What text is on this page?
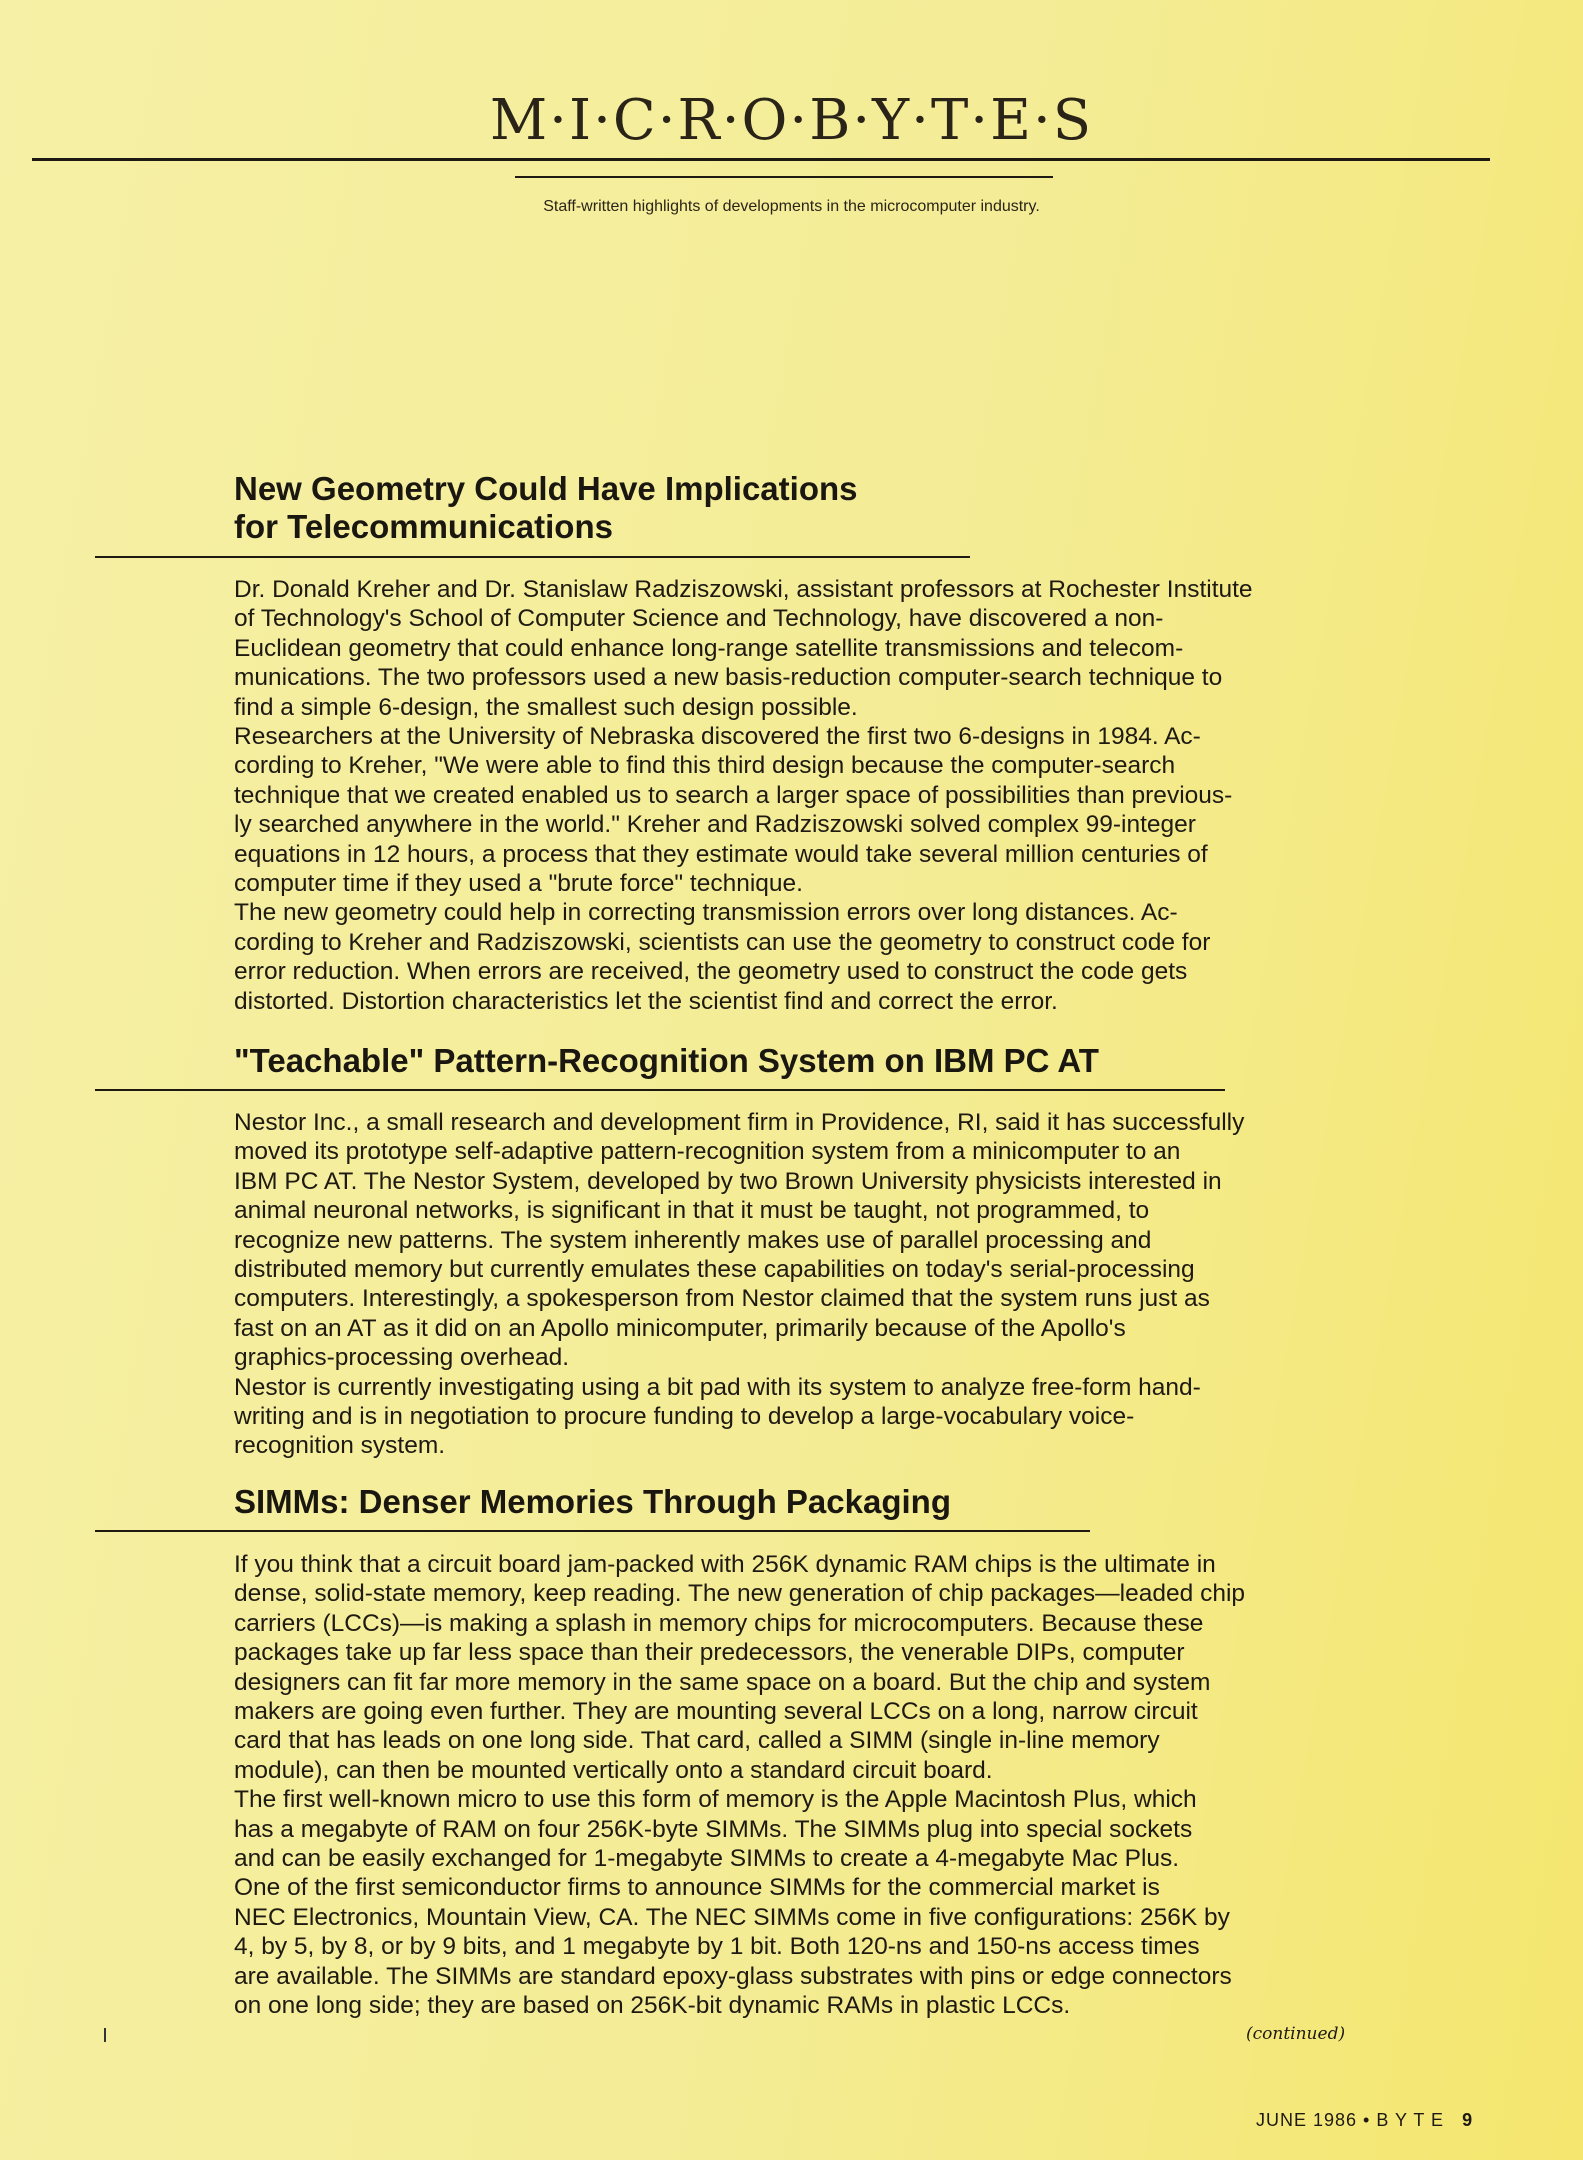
M·I·C·R·O·B·Y·T·E·S
Staff-written highlights of developments in the microcomputer industry.
New Geometry Could Have Implications
for Telecommunications
Dr. Donald Kreher and Dr. Stanislaw Radziszowski, assistant professors at Rochester Institute
of Technology's School of Computer Science and Technology, have discovered a non-
Euclidean geometry that could enhance long-range satellite transmissions and telecom-
munications. The two professors used a new basis-reduction computer-search technique to
find a simple 6-design, the smallest such design possible.
Researchers at the University of Nebraska discovered the first two 6-designs in 1984. Ac-
cording to Kreher, "We were able to find this third design because the computer-search
technique that we created enabled us to search a larger space of possibilities than previous-
ly searched anywhere in the world." Kreher and Radziszowski solved complex 99-integer
equations in 12 hours, a process that they estimate would take several million centuries of
computer time if they used a "brute force" technique.
The new geometry could help in correcting transmission errors over long distances. Ac-
cording to Kreher and Radziszowski, scientists can use the geometry to construct code for
error reduction. When errors are received, the geometry used to construct the code gets
distorted. Distortion characteristics let the scientist find and correct the error.
"Teachable" Pattern-Recognition System on IBM PC AT
Nestor Inc., a small research and development firm in Providence, RI, said it has successfully
moved its prototype self-adaptive pattern-recognition system from a minicomputer to an
IBM PC AT. The Nestor System, developed by two Brown University physicists interested in
animal neuronal networks, is significant in that it must be taught, not programmed, to
recognize new patterns. The system inherently makes use of parallel processing and
distributed memory but currently emulates these capabilities on today's serial-processing
computers. Interestingly, a spokesperson from Nestor claimed that the system runs just as
fast on an AT as it did on an Apollo minicomputer, primarily because of the Apollo's
graphics-processing overhead.
Nestor is currently investigating using a bit pad with its system to analyze free-form hand-
writing and is in negotiation to procure funding to develop a large-vocabulary voice-
recognition system.
SIMMs: Denser Memories Through Packaging
If you think that a circuit board jam-packed with 256K dynamic RAM chips is the ultimate in
dense, solid-state memory, keep reading. The new generation of chip packages—leaded chip
carriers (LCCs)—is making a splash in memory chips for microcomputers. Because these
packages take up far less space than their predecessors, the venerable DIPs, computer
designers can fit far more memory in the same space on a board. But the chip and system
makers are going even further. They are mounting several LCCs on a long, narrow circuit
card that has leads on one long side. That card, called a SIMM (single in-line memory
module), can then be mounted vertically onto a standard circuit board.
The first well-known micro to use this form of memory is the Apple Macintosh Plus, which
has a megabyte of RAM on four 256K-byte SIMMs. The SIMMs plug into special sockets
and can be easily exchanged for 1-megabyte SIMMs to create a 4-megabyte Mac Plus.
One of the first semiconductor firms to announce SIMMs for the commercial market is
NEC Electronics, Mountain View, CA. The NEC SIMMs come in five configurations: 256K by
4, by 5, by 8, or by 9 bits, and 1 megabyte by 1 bit. Both 120-ns and 150-ns access times
are available. The SIMMs are standard epoxy-glass substrates with pins or edge connectors
on one long side; they are based on 256K-bit dynamic RAMs in plastic LCCs.
(continued)
JUNE 1986 • B Y T E 9
